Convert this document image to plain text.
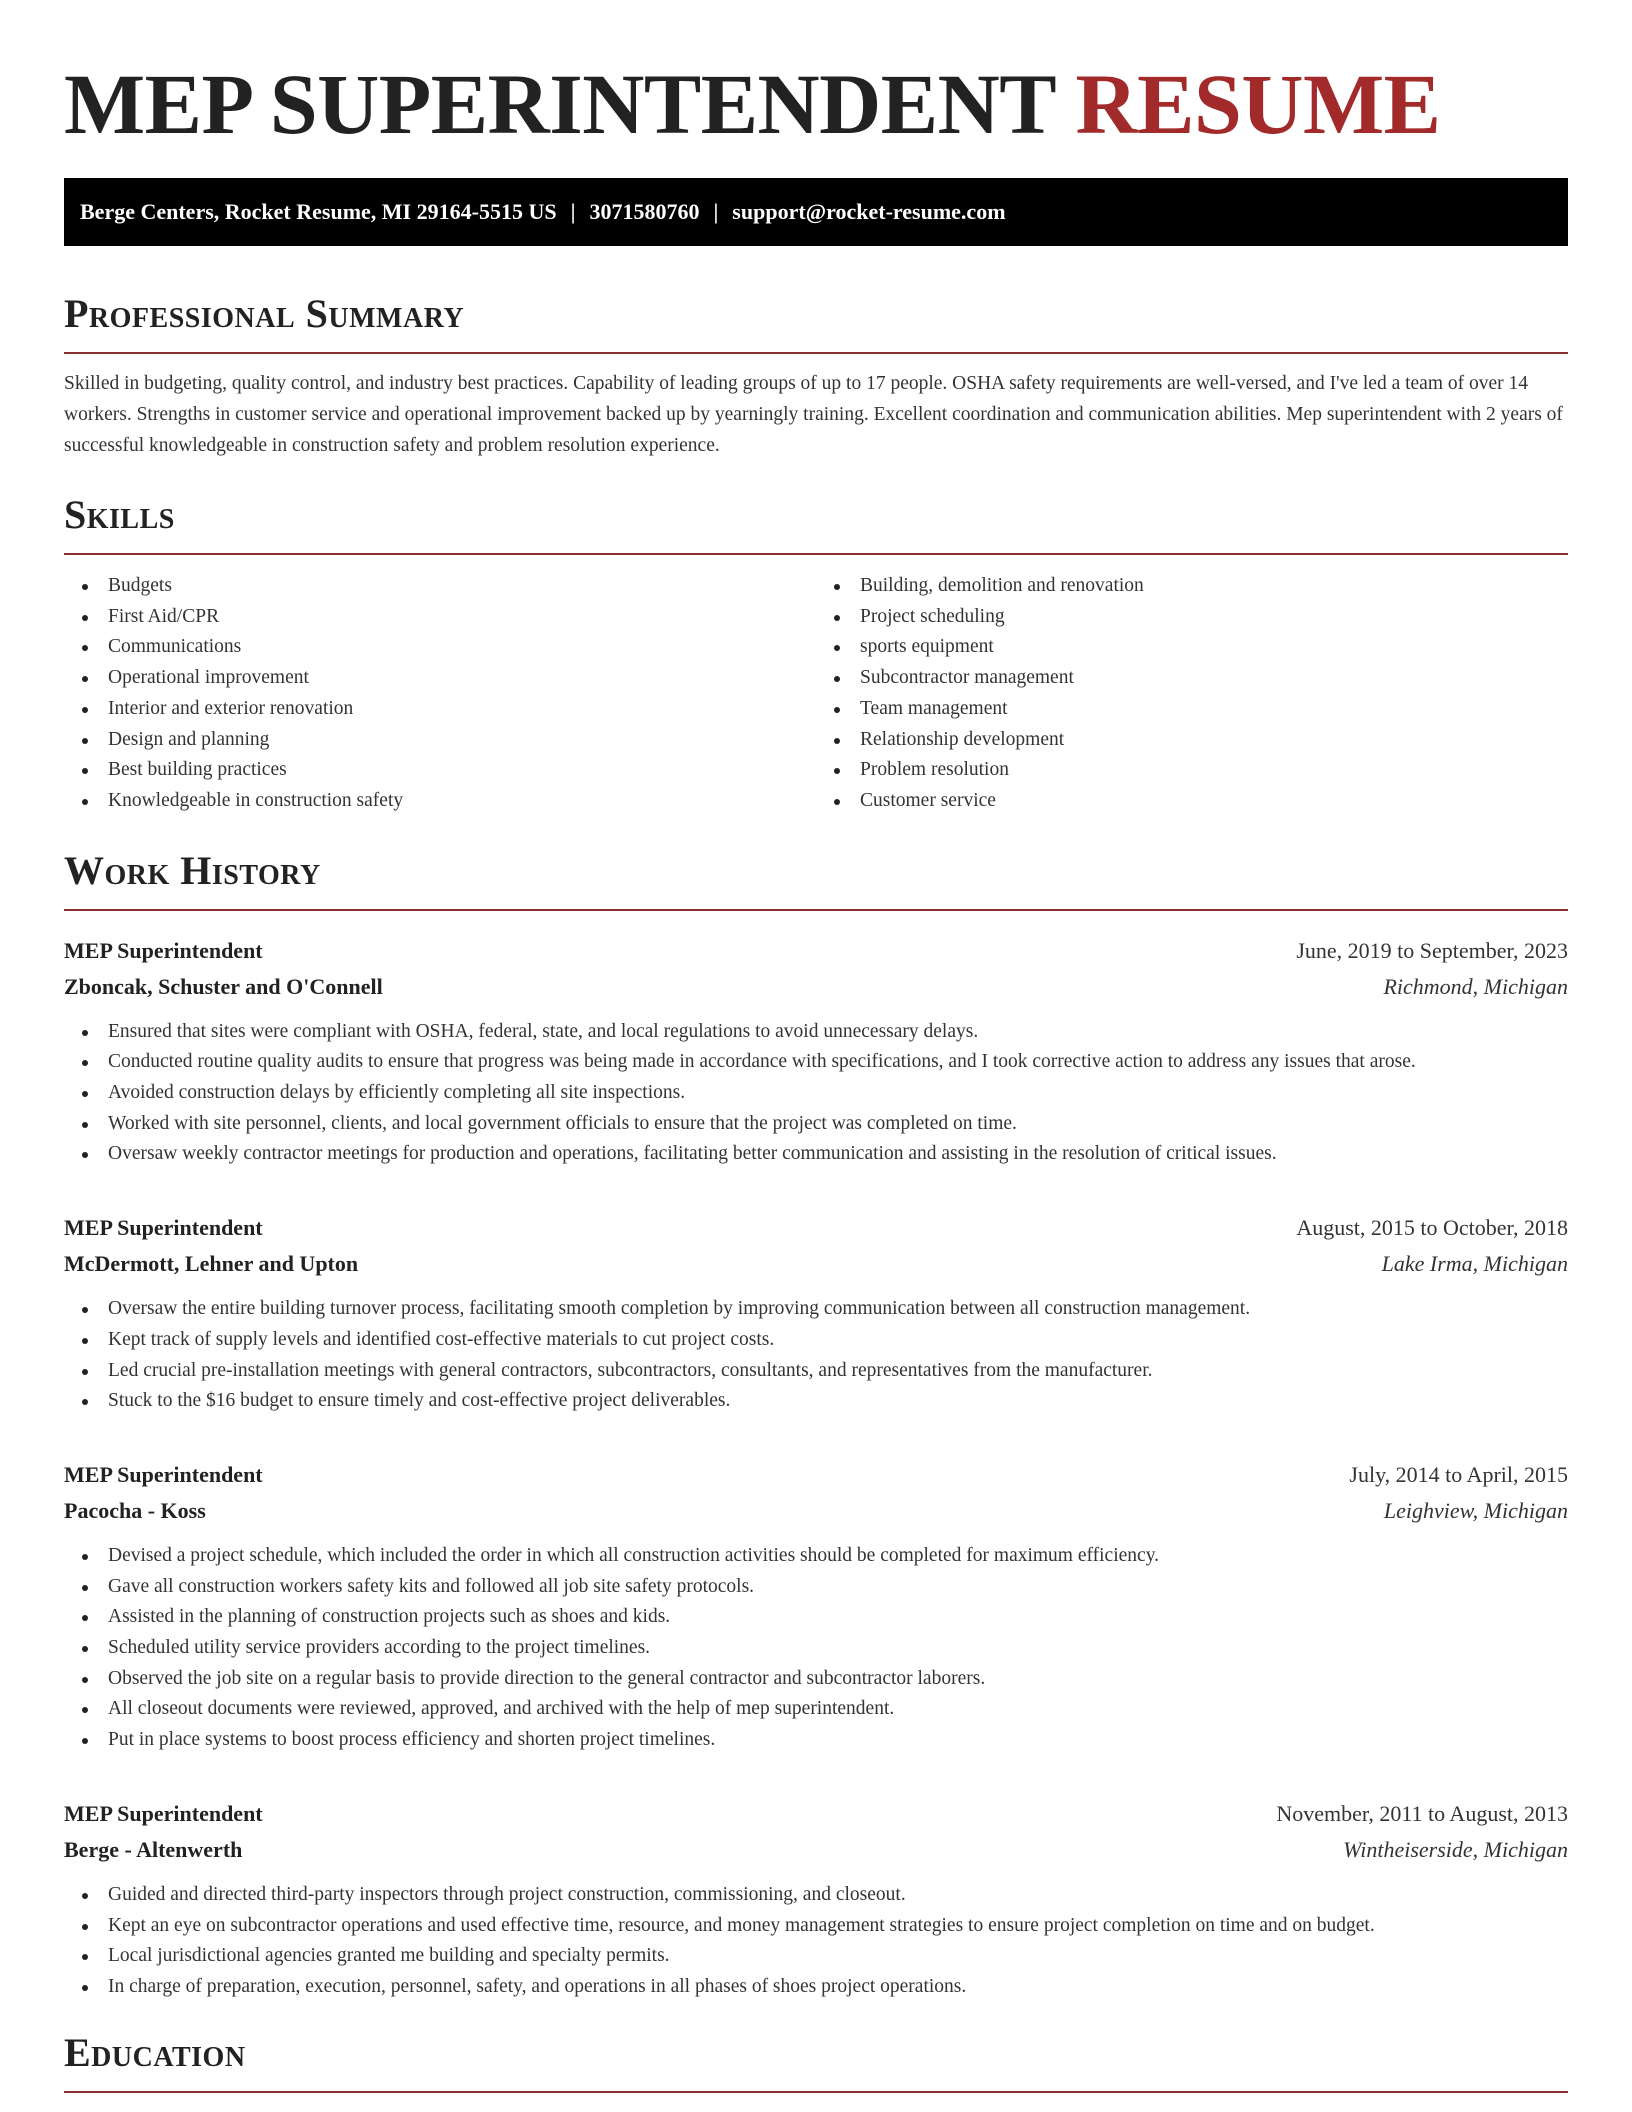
MEP SUPERINTENDENT RESUME
Berge Centers, Rocket Resume, MI 29164-5515 US | 3071580760 | support@rocket-resume.com
Professional Summary

Skilled in budgeting, quality control, and industry best practices. Capability of leading groups of up to 17 people. OSHA safety requirements are well-versed, and I've led a team of over 14 workers. Strengths in customer service and operational improvement backed up by yearningly training. Excellent coordination and communication abilities. Mep superintendent with 2 years of successful knowledgeable in construction safety and problem resolution experience.

Skills
Budgets
First Aid/CPR
Communications
Operational improvement
Interior and exterior renovation
Design and planning
Best building practices
Knowledgeable in construction safety
Building, demolition and renovation
Project scheduling
sports equipment
Subcontractor management
Team management
Relationship development
Problem resolution
Customer service
Work History
MEP Superintendent	June, 2019 to September, 2023
Zboncak, Schuster and O'Connell	Richmond, Michigan
Ensured that sites were compliant with OSHA, federal, state, and local regulations to avoid unnecessary delays.
Conducted routine quality audits to ensure that progress was being made in accordance with specifications, and I took corrective action to address any issues that arose.
Avoided construction delays by efficiently completing all site inspections.
Worked with site personnel, clients, and local government officials to ensure that the project was completed on time.
Oversaw weekly contractor meetings for production and operations, facilitating better communication and assisting in the resolution of critical issues.
MEP Superintendent	August, 2015 to October, 2018
McDermott, Lehner and Upton	Lake Irma, Michigan
Oversaw the entire building turnover process, facilitating smooth completion by improving communication between all construction management.
Kept track of supply levels and identified cost-effective materials to cut project costs.
Led crucial pre-installation meetings with general contractors, subcontractors, consultants, and representatives from the manufacturer.
Stuck to the $16 budget to ensure timely and cost-effective project deliverables.
MEP Superintendent	July, 2014 to April, 2015
Pacocha - Koss	Leighview, Michigan
Devised a project schedule, which included the order in which all construction activities should be completed for maximum efficiency.
Gave all construction workers safety kits and followed all job site safety protocols.
Assisted in the planning of construction projects such as shoes and kids.
Scheduled utility service providers according to the project timelines.
Observed the job site on a regular basis to provide direction to the general contractor and subcontractor laborers.
All closeout documents were reviewed, approved, and archived with the help of mep superintendent.
Put in place systems to boost process efficiency and shorten project timelines.
MEP Superintendent	November, 2011 to August, 2013
Berge - Altenwerth	Wintheiserside, Michigan
Guided and directed third-party inspectors through project construction, commissioning, and closeout.
Kept an eye on subcontractor operations and used effective time, resource, and money management strategies to ensure project completion on time and on budget.
Local jurisdictional agencies granted me building and specialty permits.
In charge of preparation, execution, personnel, safety, and operations in all phases of shoes project operations.
Education
